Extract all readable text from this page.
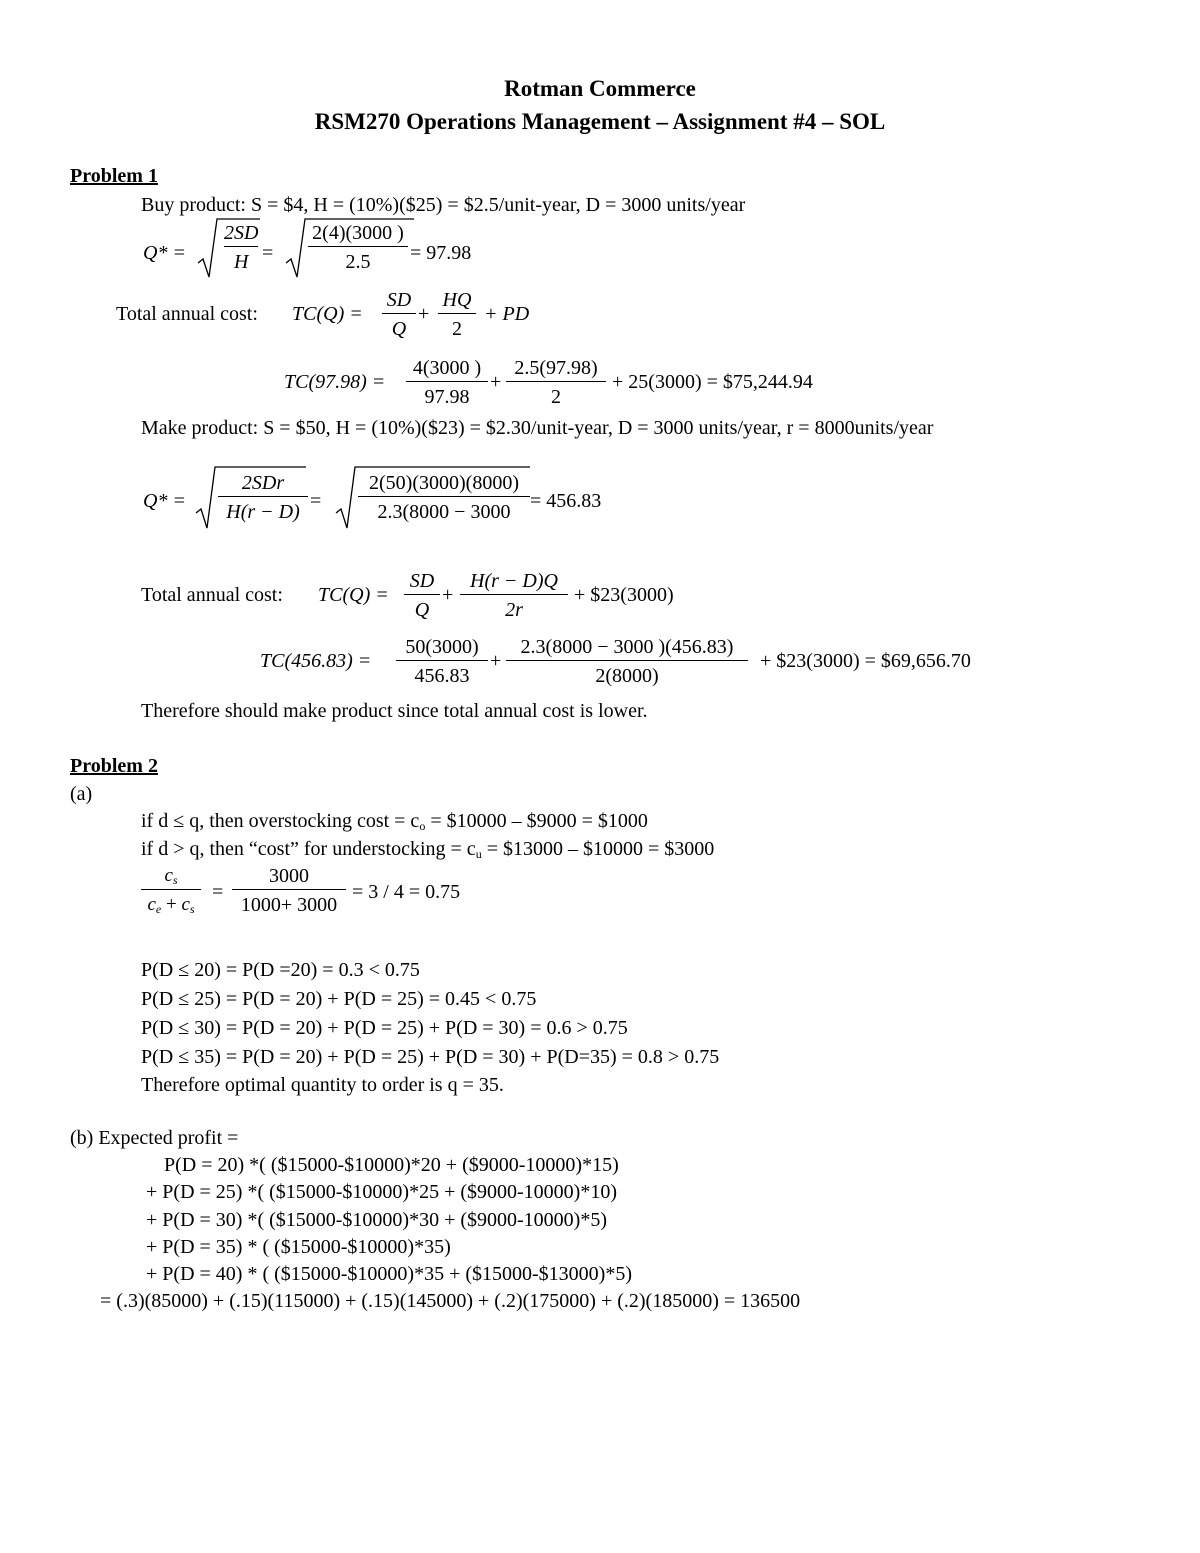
Rotman Commerce
RSM270 Operations Management – Assignment #4 – SOL
Problem 1
Buy product: S = $4, H = (10%)($25) = $2.5/unit-year, D = 3000 units/year
$Q* = \frac{2SD}{H} = \frac{2(4)(3000 )}{2.5} = 97.98$
Total annual cost: $TC(Q) = \frac{SD}{Q} + \frac{HQ}{2}$ + PD
$TC(97.98) = \frac{4(3000 )}{97.98} + \frac{2.5(97.98)}{2} + 25(3000)$ = $75,244.94
Make product: S = $50, H = (10%)($23) = $2.30/unit-year, D = 3000 units/year, r = 8000units/year
Q* =
2SDr
$H(r - D) = \frac{2(50)(3000)(8000)}{2.3(8000 - 3000} = 456.83$
Total annual cost: $TC(Q) = \frac{SD}{Q} + \frac{H(r - D)Q}{2r}$ + $23(3000)
$TC(456.83) = \frac{50(3000)}{456.83} + \frac{2.3(8000 - 3000 )(456.83)}{2(8000)}$ + $23(3000) = $69,656.70
Therefore should make product since total annual cost is lower.
Problem 2
(a)
if d ≤ q, then overstocking $\cos t = c_o$ = $10000 – $9000 = $1000
if d > q, then “cost” for understocking = $c_u$ = $13000 – $10000 = $3000
$\frac{c_s}{c_e + c_s} = \frac{3000}{1000+ 3000} = 3 / 4 = 0.75$
P(D ≤ 20) = P(D =20) = 0.3 < 0.75
P(D ≤ 25) = P(D = 20) + P(D = 25) = 0.45 < 0.75
P(D ≤ 30) = P(D = 20) + P(D = 25) + P(D = 30) = 0.6 > 0.75
P(D ≤ 35) = P(D = 20) + P(D = 25) + P(D = 30) + P(D=35) = 0.8 > 0.75
Therefore optimal quantity to order is q = 35.
(b) Expected profit =
P(D = 20) *( ($15000-$10000)*20 + ($9000-10000)*15)
+ P(D = 25) *( ($15000-$10000)*25 + ($9000-10000)*10)
+ P(D = 30) *( ($15000-$10000)*30 + ($9000-10000)*5)
+ P(D = 35) * ( ($15000-$10000)*35)
+ P(D = 40) * ( ($15000-$10000)*35 + ($15000-$13000)*5)
= (.3)(85000) + (.15)(115000) + (.15)(145000) + (.2)(175000) + (.2)(185000) = 136500
